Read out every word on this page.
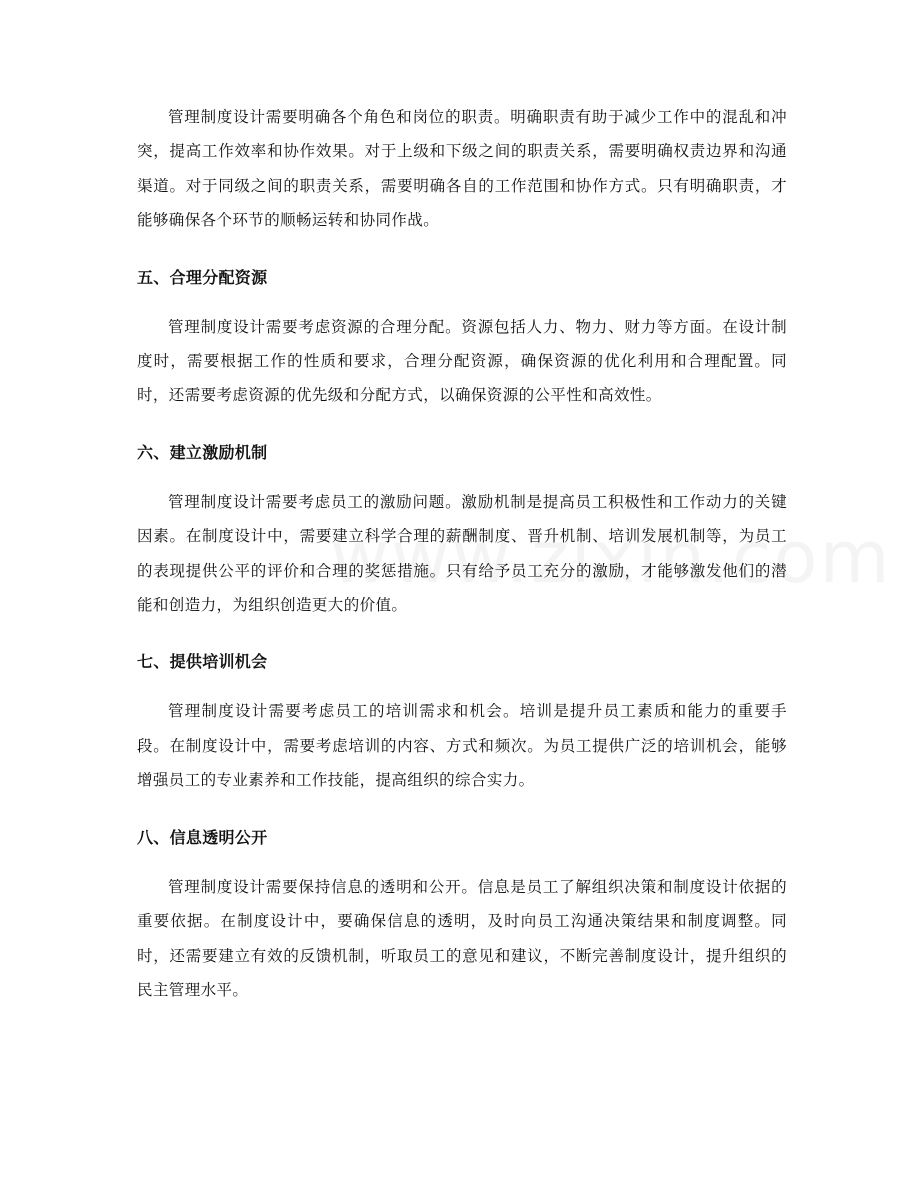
管理制度设计需要明确各个角色和岗位的职责。明确职责有助于减少工作中的混乱和冲突，提高工作效率和协作效果。对于上级和下级之间的职责关系，需要明确权责边界和沟通渠道。对于同级之间的职责关系，需要明确各自的工作范围和协作方式。只有明确职责，才能够确保各个环节的顺畅运转和协同作战。

五、合理分配资源

管理制度设计需要考虑资源的合理分配。资源包括人力、物力、财力等方面。在设计制度时，需要根据工作的性质和要求，合理分配资源，确保资源的优化利用和合理配置。同时，还需要考虑资源的优先级和分配方式，以确保资源的公平性和高效性。

六、建立激励机制

管理制度设计需要考虑员工的激励问题。激励机制是提高员工积极性和工作动力的关键因素。在制度设计中，需要建立科学合理的薪酬制度、晋升机制、培训发展机制等，为员工的表现提供公平的评价和合理的奖惩措施。只有给予员工充分的激励，才能够激发他们的潜能和创造力，为组织创造更大的价值。

七、提供培训机会

管理制度设计需要考虑员工的培训需求和机会。培训是提升员工素质和能力的重要手段。在制度设计中，需要考虑培训的内容、方式和频次。为员工提供广泛的培训机会，能够增强员工的专业素养和工作技能，提高组织的综合实力。

八、信息透明公开

管理制度设计需要保持信息的透明和公开。信息是员工了解组织决策和制度设计依据的重要依据。在制度设计中，要确保信息的透明，及时向员工沟通决策结果和制度调整。同时，还需要建立有效的反馈机制，听取员工的意见和建议，不断完善制度设计，提升组织的民主管理水平。
